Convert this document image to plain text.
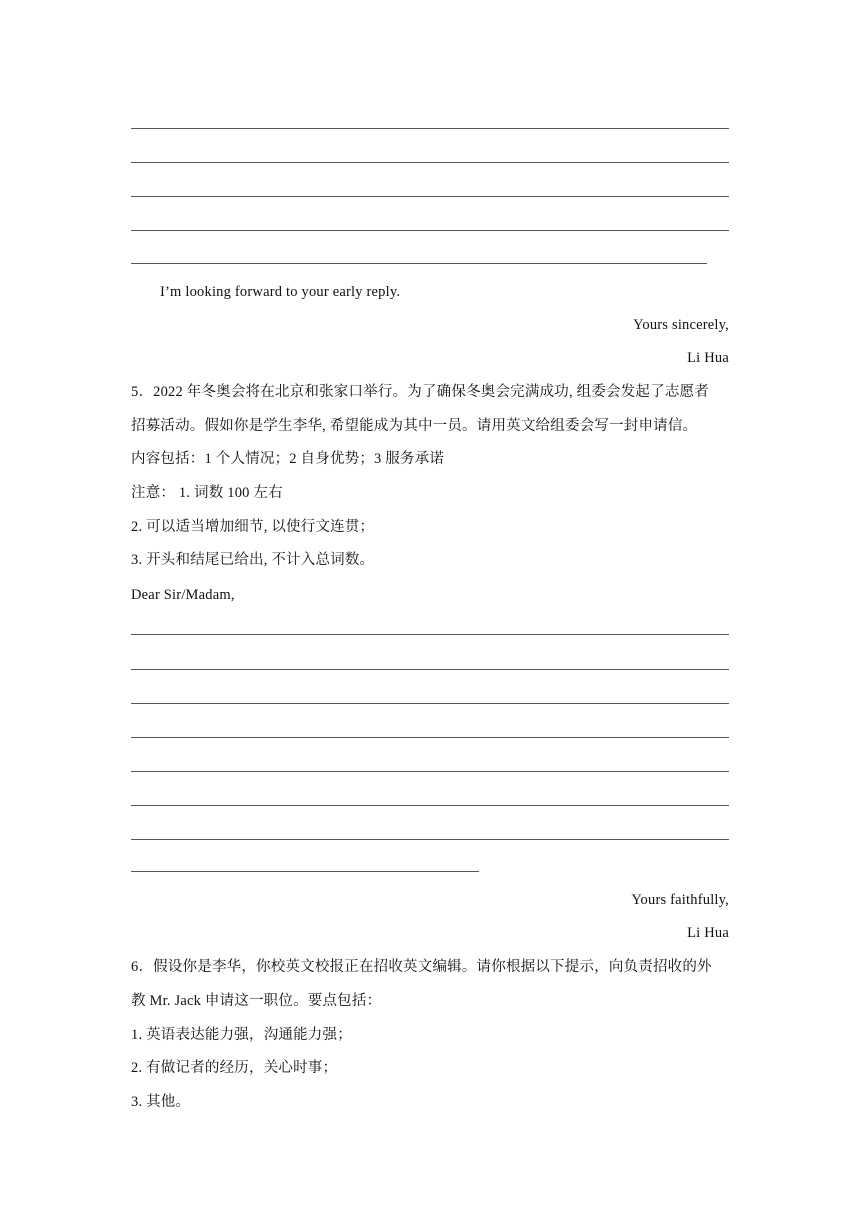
I’m looking forward to your early reply.
Yours sincerely,
Li Hua
5．2022 年冬奥会将在北京和张家口举行。为了确保冬奥会完满成功, 组委会发起了志愿者
招募活动。假如你是学生李华, 希望能成为其中一员。请用英文给组委会写一封申请信。
内容包括：1 个人情况；2 自身优势；3 服务承诺
注意： 1. 词数 100 左右
2. 可以适当增加细节, 以使行文连贯；
3. 开头和结尾已给出, 不计入总词数。
Dear Sir/Madam,
Yours faithfully,
Li Hua
6．假设你是李华，你校英文校报正在招收英文编辑。请你根据以下提示，向负责招收的外
教 Mr. Jack 申请这一职位。要点包括：
1. 英语表达能力强，沟通能力强；
2. 有做记者的经历，关心时事；
3. 其他。
